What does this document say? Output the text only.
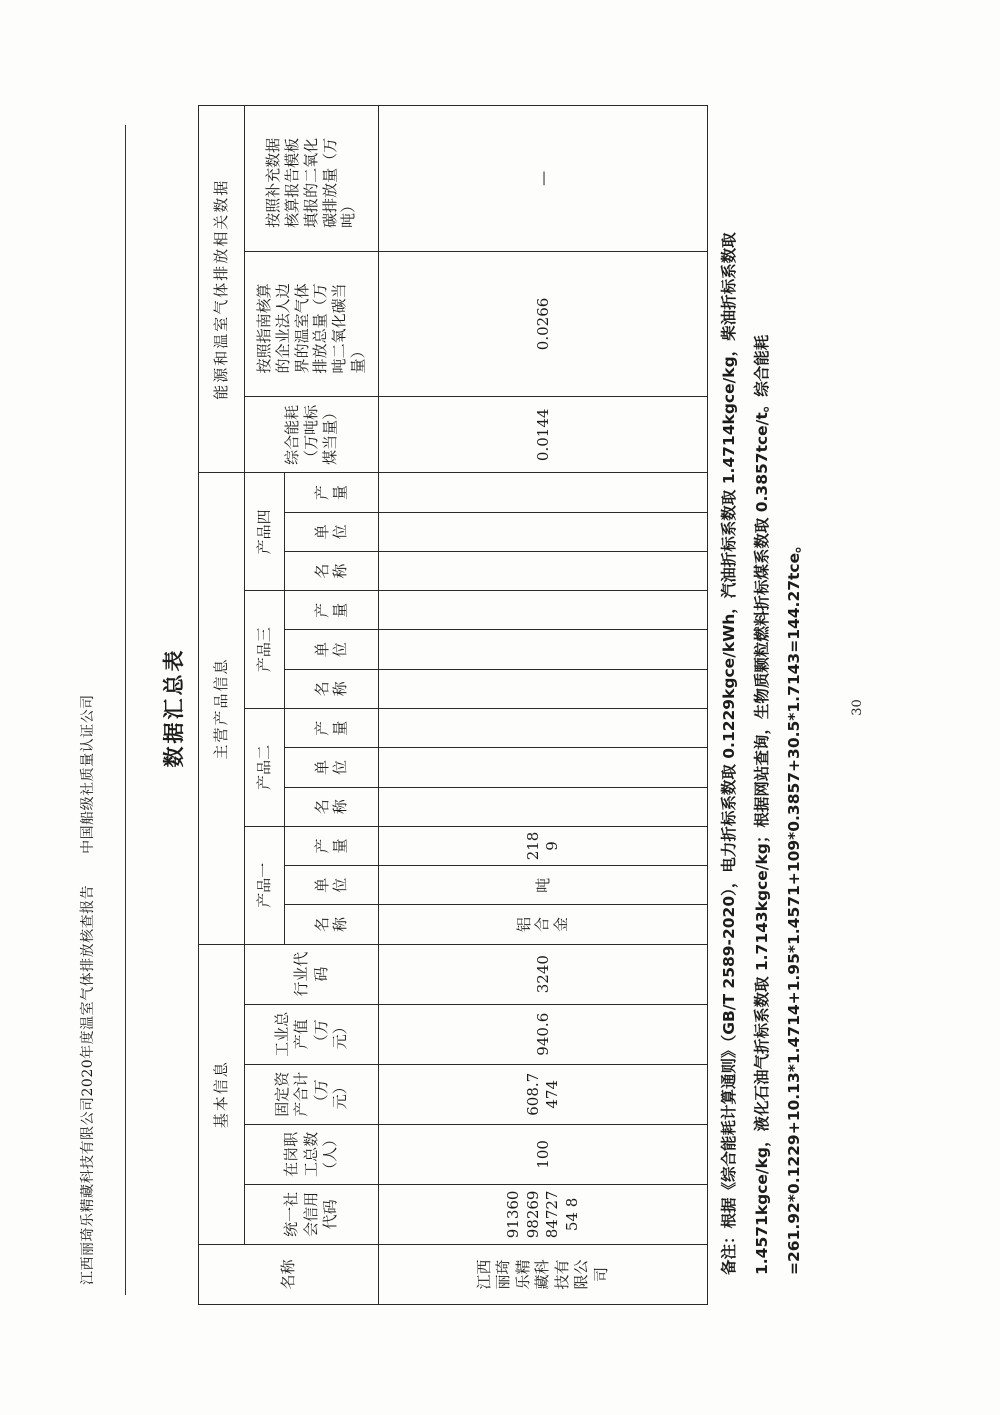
江西丽琦乐精藏科技有限公司2020年度温室气体排放核查报告 中国船级社质量认证公司	数据汇总表
名称	基本信息					主营产品信息												能源和温室气体排放相关数据		
	统一社会信用代码	在岗职工总数（人）	固定资产合计（万元）	工业总产值（万元）	行业代码	产品一			产品二			产品三			产品四			综合能耗（万吨标煤当量）	按照指南核算的企业法人边界的温室气体排放总量（万吨二氧化碳当量）	按照补充数据核算报告模板填报的二氧化碳排放量（万吨）
						名称	单位	产量	名称	单位	产量	名称	单位	产量	名称	单位	产量			
江西丽琦乐精藏科技有限公司	91360982698472754 8	100	608.7474	940.6	3240	铝合金	吨	2189										0.0144	0.0266	—
备注：根据《综合能耗计算通则》（GB/T 2589-2020），电力折标系数取 0.1229kgce/kWh，汽油折标系数取 1.4714kgce/kg，柴油折标系数取 1.4571kgce/kg，液化石油气折标系数取 1.7143kgce/kg；根据网站查询，生物质颗粒燃料折标煤系数取 0.3857tce/t。综合能耗=261.92*0.1229+10.13*1.4714+1.95*1.4571+109*0.3857+30.5*1.7143=144.27tce。	30
